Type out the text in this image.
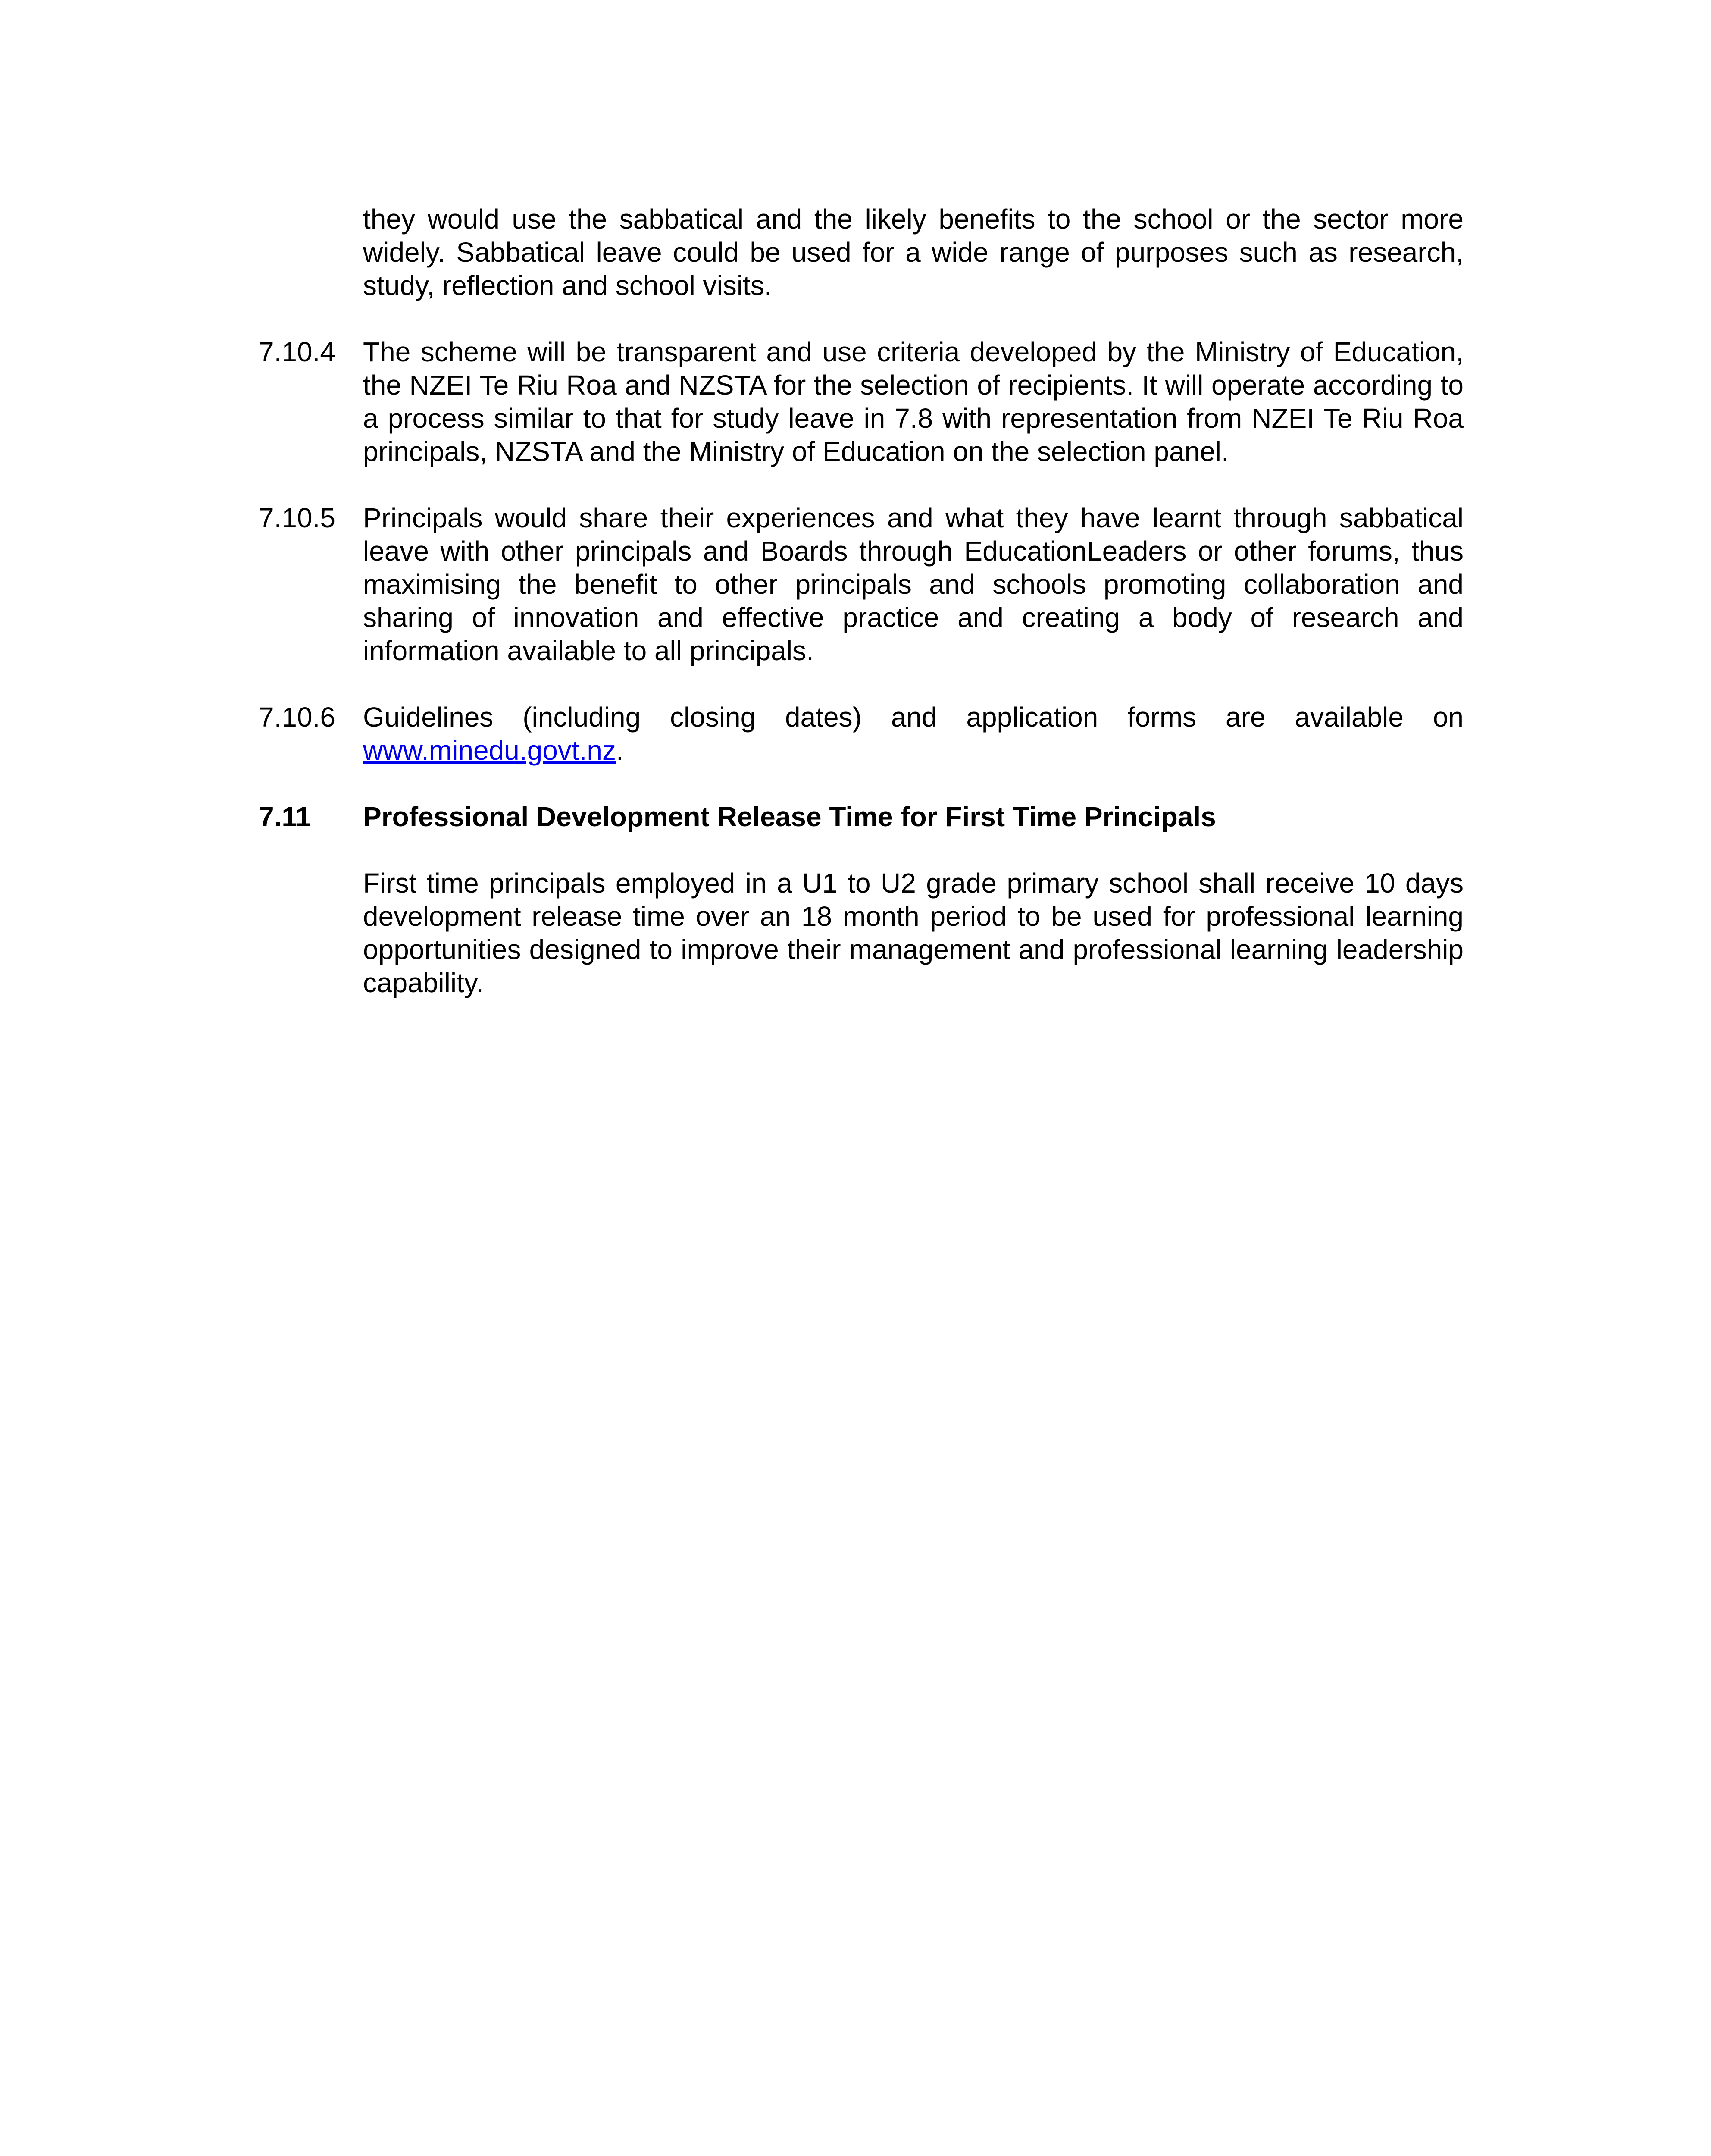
they would use the sabbatical and the likely benefits to the school or the sector more widely. Sabbatical leave could be used for a wide range of purposes such as research, study, reflection and school visits.
7.10.4	The scheme will be transparent and use criteria developed by the Ministry of Education, the NZEI Te Riu Roa and NZSTA for the selection of recipients. It will operate according to a process similar to that for study leave in 7.8 with representation from NZEI Te Riu Roa principals, NZSTA and the Ministry of Education on the selection panel.
7.10.5	Principals would share their experiences and what they have learnt through sabbatical leave with other principals and Boards through EducationLeaders or other forums, thus maximising the benefit to other principals and schools promoting collaboration and sharing of innovation and effective practice and creating a body of research and information available to all principals.
7.10.6	Guidelines (including closing dates) and application forms are available on www.minedu.govt.nz.
7.11	Professional Development Release Time for First Time Principals
First time principals employed in a U1 to U2 grade primary school shall receive 10 days development release time over an 18 month period to be used for professional learning opportunities designed to improve their management and professional learning leadership capability.
